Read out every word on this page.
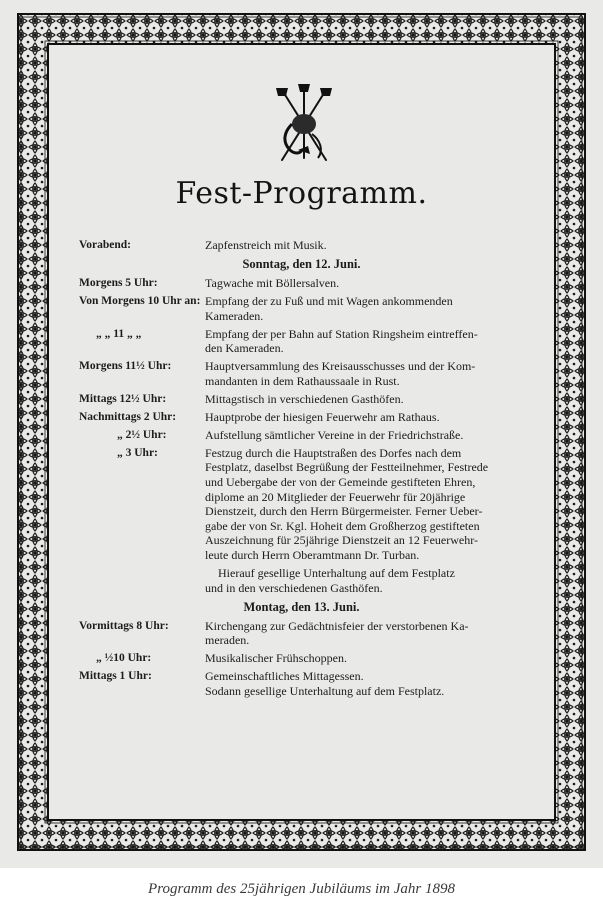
Fest-Programm.
Vorabend:	Zapfenstreich mit Musik.
Sonntag, den 12. Juni.
Morgens 5 Uhr:	Tagwache mit Böllersalven.
Von Morgens 10 Uhr an: Empfang der zu Fuß und mit Wagen ankommenden
Kameraden.
„ „ 11 „ „	Empfang der per Bahn auf Station Ringsheim eintreffen-
den Kameraden.
Morgens 11½ Uhr:	Hauptversammlung des Kreisausschusses und der Kom-
mandanten in dem Rathaussaale in Rust.
Mittags 12½ Uhr:	Mittagstisch in verschiedenen Gasthöfen.
Nachmittags 2 Uhr: Hauptprobe der hiesigen Feuerwehr am Rathaus.
„ 2½ Uhr:	Aufstellung sämtlicher Vereine in der Friedrichstraße.
„ 3 Uhr:	Festzug durch die Hauptstraßen des Dorfes nach dem
Festplatz, daselbst Begrüßung der Festteilnehmer, Festrede
und Uebergabe der von der Gemeinde gestifteten Ehren,
diplome an 20 Mitglieder der Feuerwehr für 20jährige
Dienstzeit, durch den Herrn Bürgermeister. Ferner Ueber-
gabe der von Sr. Kgl. Hoheit dem Großherzog gestifteten
Auszeichnung für 25jährige Dienstzeit an 12 Feuerwehr-
leute durch Herrn Oberamtmann Dr. Turban.
Hierauf gesellige Unterhaltung auf dem Festplatz
und in den verschiedenen Gasthöfen.
Montag, den 13. Juni.
Vormittags 8 Uhr:	Kirchengang zur Gedächtnisfeier der verstorbenen Ka-
meraden.
„ ½10 Uhr:	Musikalischer Frühschoppen.
Mittags 1 Uhr:	Gemeinschaftliches Mittagessen.
Sodann gesellige Unterhaltung auf dem Festplatz.
Programm des 25jährigen Jubiläums im Jahr 1898
